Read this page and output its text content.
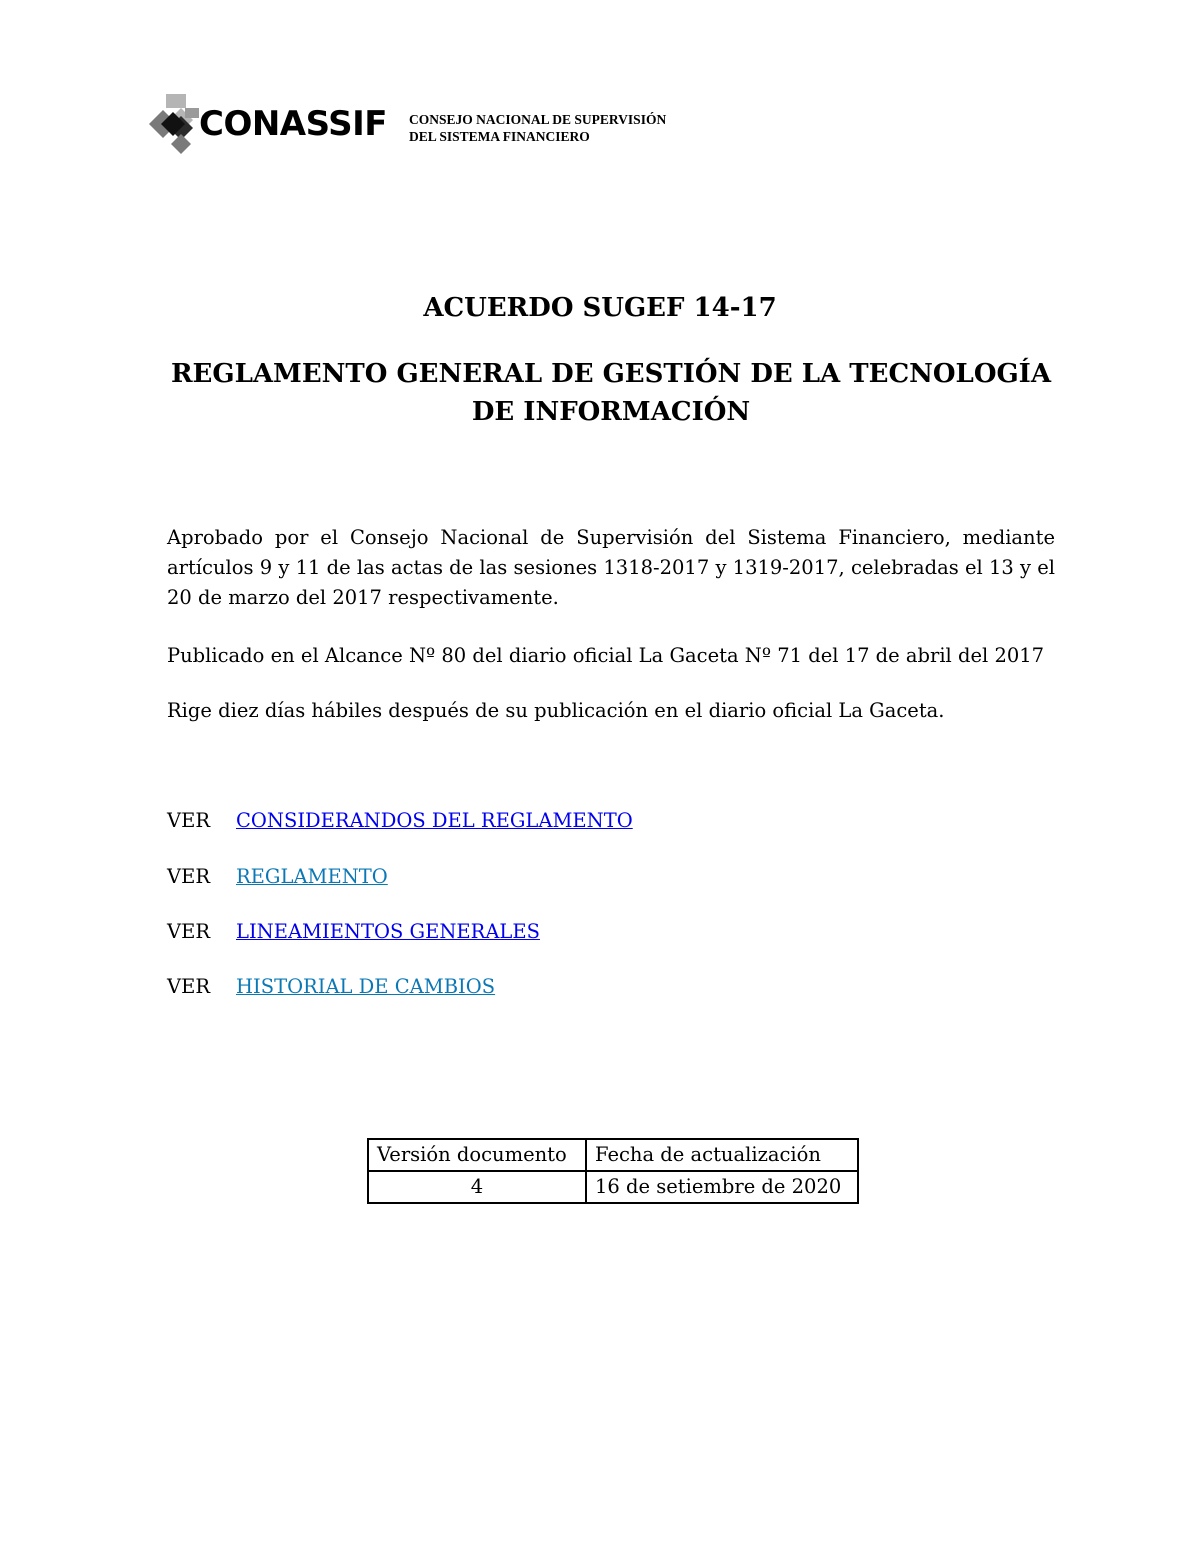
CONASSIF CONSEJO NACIONAL DE SUPERVISIÓN
DEL SISTEMA FINANCIERO
ACUERDO SUGEF 14-17
REGLAMENTO GENERAL DE GESTIÓN DE LA TECNOLOGÍA DE INFORMACIÓN

Aprobado por el Consejo Nacional de Supervisión del Sistema Financiero, mediante artículos 9 y 11 de las actas de las sesiones 1318-2017 y 1319-2017, celebradas el 13 y el 20 de marzo del 2017 respectivamente.

Publicado en el Alcance Nº 80 del diario oficial La Gaceta Nº 71 del 17 de abril del 2017

Rige diez días hábiles después de su publicación en el diario oficial La Gaceta.

VER CONSIDERANDOS DEL REGLAMENTO
VER REGLAMENTO
VER LINEAMIENTOS GENERALES
VER HISTORIAL DE CAMBIOS
Versión documento	Fecha de actualización
4	16 de setiembre de 2020
